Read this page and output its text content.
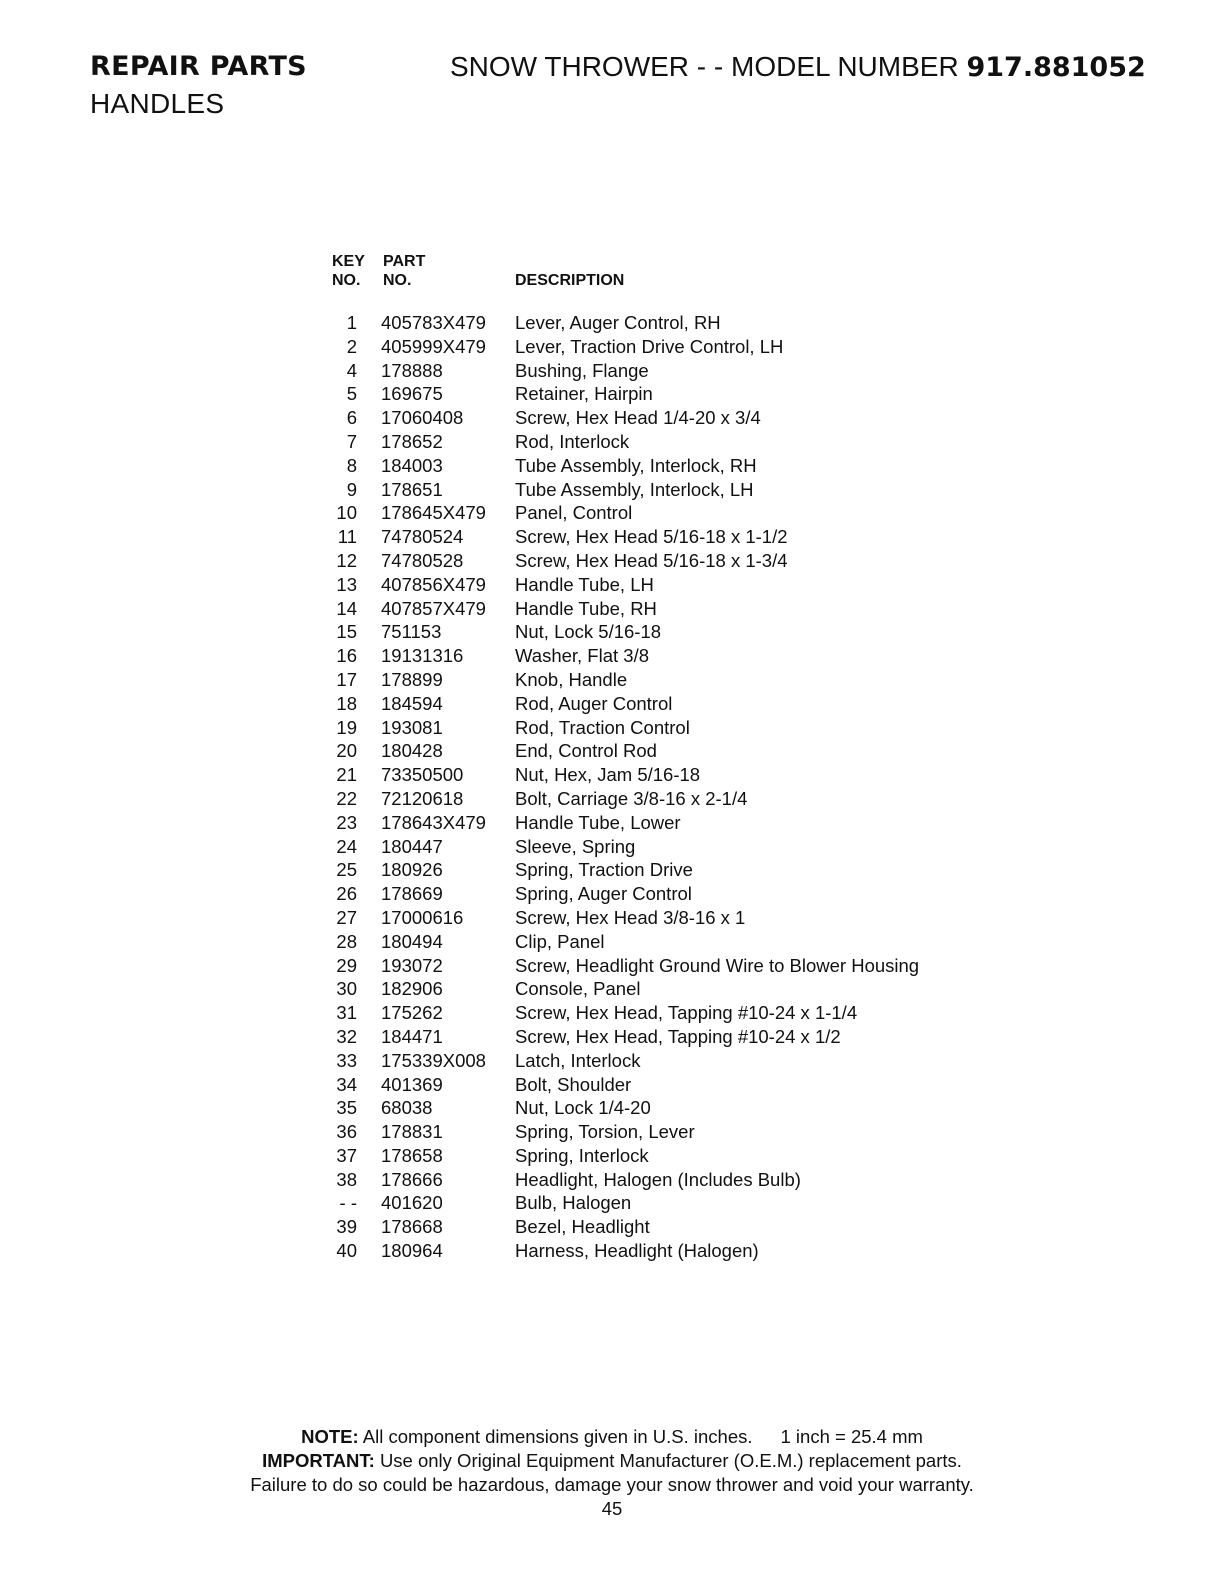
REPAIR PARTS
HANDLES
SNOW THROWER - - MODEL NUMBER 917.881052
KEY
NO.
PART
NO.	DESCRIPTION
1 405783X479 Lever, Auger Control, RH
2 405999X479 Lever, Traction Drive Control, LH
4 178888	Bushing, Flange
5 169675	Retainer, Hairpin
6 17060408	Screw, Hex Head 1/4-20 x 3/4
7 178652	Rod, Interlock
8 184003	Tube Assembly, Interlock, RH
9 178651	Tube Assembly, Interlock, LH
10 178645X479 Panel, Control
11 74780524	Screw, Hex Head 5/16-18 x 1-1/2
12 74780528	Screw, Hex Head 5/16-18 x 1-3/4
13 407856X479 Handle Tube, LH
14 407857X479 Handle Tube, RH
15 751153	Nut, Lock 5/16-18
16 19131316	Washer, Flat 3/8
17 178899	Knob, Handle
18 184594	Rod, Auger Control
19 193081	Rod, Traction Control
20 180428	End, Control Rod
21 73350500	Nut, Hex, Jam 5/16-18
22 72120618	Bolt, Carriage 3/8-16 x 2-1/4
23 178643X479 Handle Tube, Lower
24 180447	Sleeve, Spring
25 180926	Spring, Traction Drive
26 178669	Spring, Auger Control
27 17000616	Screw, Hex Head 3/8-16 x 1
28 180494	Clip, Panel
29 193072	Screw, Headlight Ground Wire to Blower Housing
30 182906	Console, Panel
31 175262	Screw, Hex Head, Tapping #10-24 x 1-1/4
32 184471	Screw, Hex Head, Tapping #10-24 x 1/2
33 175339X008 Latch, Interlock
34 401369	Bolt, Shoulder
35 68038	Nut, Lock 1/4-20
36 178831	Spring, Torsion, Lever
37 178658	Spring, Interlock
38 178666	Headlight, Halogen (Includes Bulb)
- - 401620	Bulb, Halogen
39 178668	Bezel, Headlight
40 180964	Harness, Headlight (Halogen)
NOTE: All component dimensions given in U.S. inches. 1 inch = 25.4 mm
IMPORTANT: Use only Original Equipment Manufacturer (O.E.M.) replacement parts.
Failure to do so could be hazardous, damage your snow thrower and void your warranty.
45
